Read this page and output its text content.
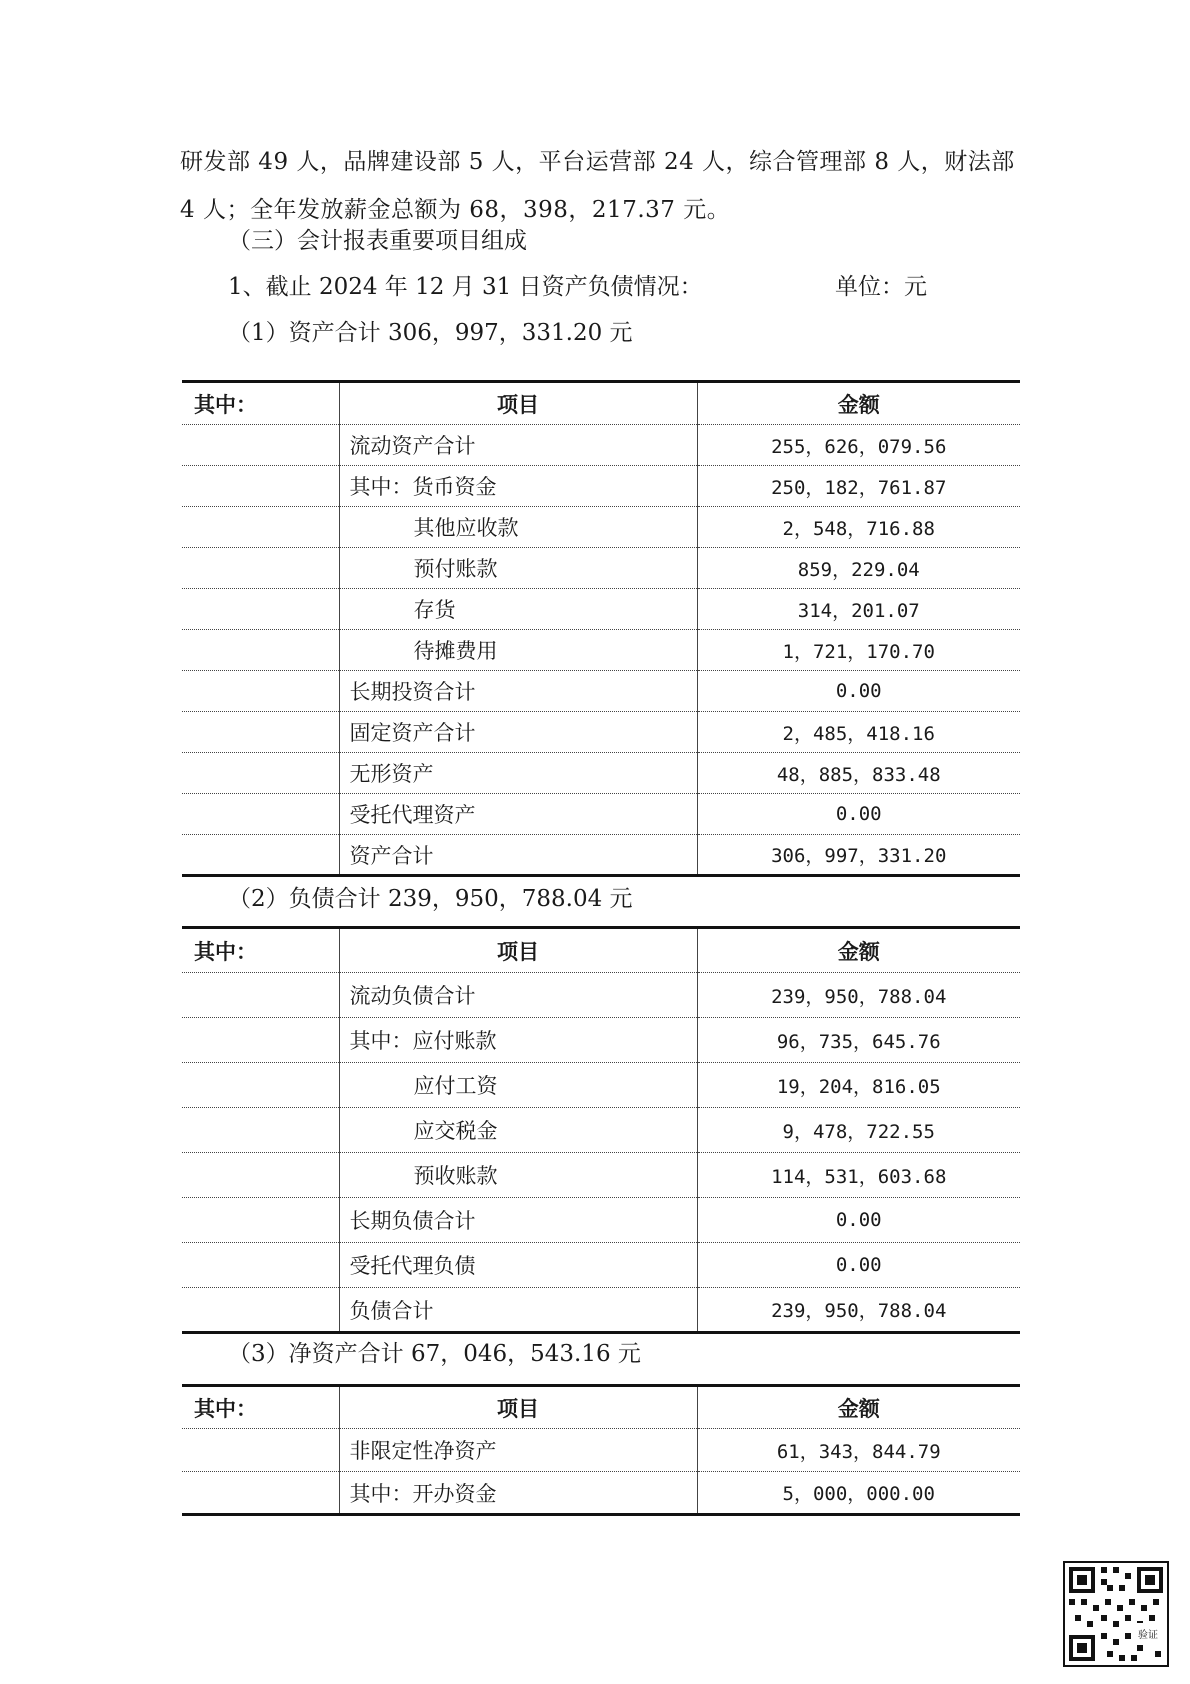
研发部 49 人，品牌建设部 5 人，平台运营部 24 人，综合管理部 8 人，财法部 4 人；全年发放薪金总额为 68，398，217.37 元。
（三）会计报表重要项目组成
1、截止 2024 年 12 月 31 日资产负债情况：	单位：元
（1）资产合计 306，997，331.20 元
其中：	项目	金额
	流动资产合计	255，626，079.56
	其中：货币资金	250，182，761.87
	其他应收款	2，548，716.88
	预付账款	859，229.04
	存货	314，201.07
	待摊费用	1，721，170.70
	长期投资合计	0.00
	固定资产合计	2，485，418.16
	无形资产	48，885，833.48
	受托代理资产	0.00
	资产合计	306，997，331.20
（2）负债合计 239，950，788.04 元
其中：	项目	金额
	流动负债合计	239，950，788.04
	其中：应付账款	96，735，645.76
	应付工资	19，204，816.05
	应交税金	9，478，722.55
	预收账款	114，531，603.68
	长期负债合计	0.00
	受托代理负债	0.00
	负债合计	239，950，788.04
（3）净资产合计 67，046，543.16 元
其中：	项目	金额
	非限定性净资产	61，343，844.79
	其中：开办资金	5，000，000.00
验证
